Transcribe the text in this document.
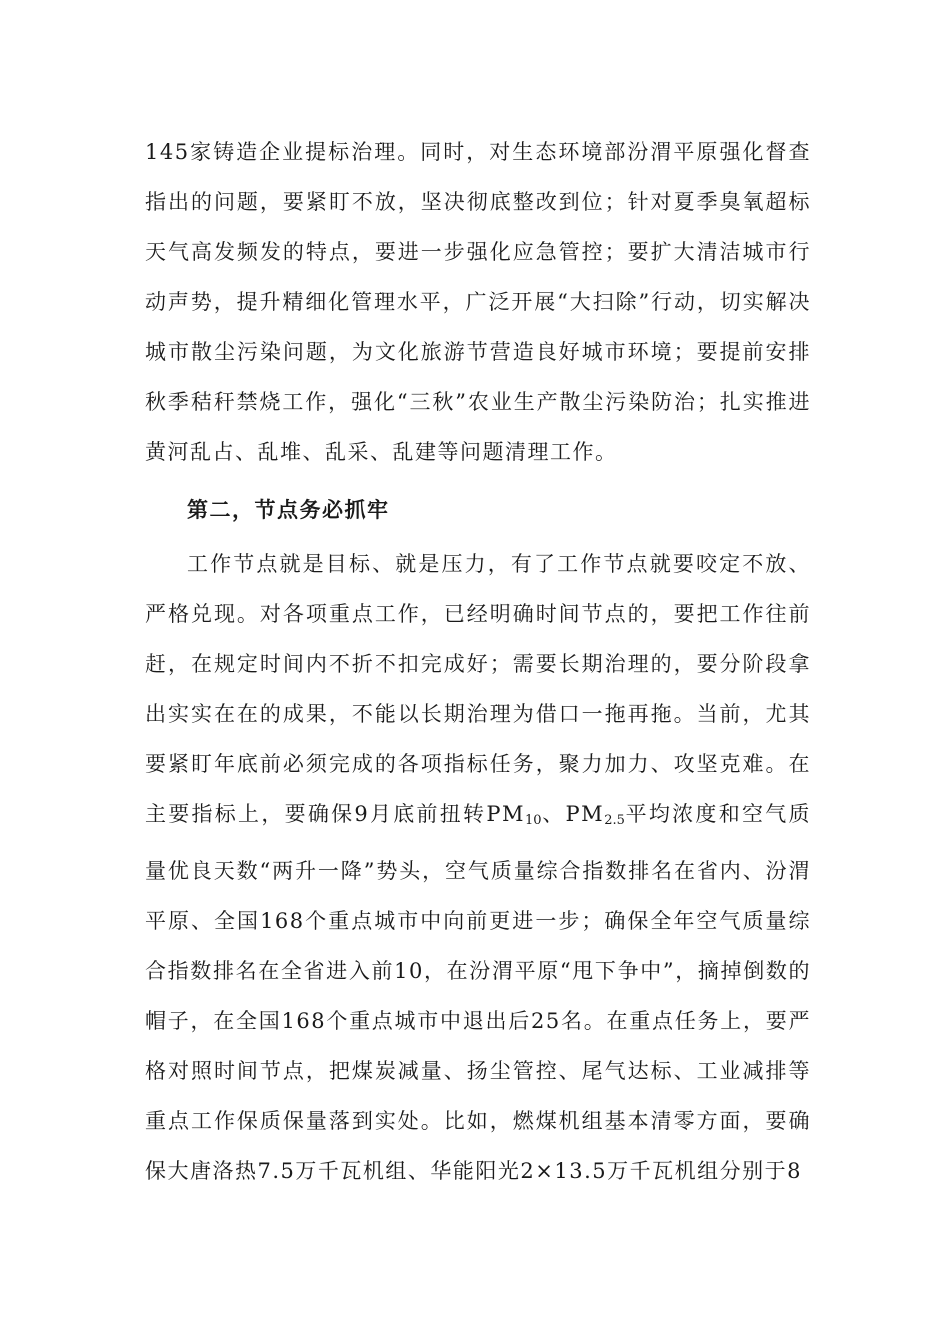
145家铸造企业提标治理。同时，对生态环境部汾渭平原强化督查指出的问题，要紧盯不放，坚决彻底整改到位；针对夏季臭氧超标天气高发频发的特点，要进一步强化应急管控；要扩大清洁城市行动声势，提升精细化管理水平，广泛开展“大扫除”行动，切实解决城市散尘污染问题，为文化旅游节营造良好城市环境；要提前安排秋季秸秆禁烧工作，强化“三秋”农业生产散尘污染防治；扎实推进黄河乱占、乱堆、乱采、乱建等问题清理工作。

第二，节点务必抓牢

工作节点就是目标、就是压力，有了工作节点就要咬定不放、严格兑现。对各项重点工作，已经明确时间节点的，要把工作往前赶，在规定时间内不折不扣完成好；需要长期治理的，要分阶段拿出实实在在的成果，不能以长期治理为借口一拖再拖。当前，尤其要紧盯年底前必须完成的各项指标任务，聚力加力、攻坚克难。在主要指标上，要确保9月底前扭转$PM_{10}$、$PM_{2.5}$平均浓度和空气质量优良天数“两升一降”势头，空气质量综合指数排名在省内、汾渭平原、全国168个重点城市中向前更进一步；确保全年空气质量综合指数排名在全省进入前10，在汾渭平原“甩下争中”，摘掉倒数的帽子，在全国168个重点城市中退出后25名。在重点任务上，要严格对照时间节点，把煤炭减量、扬尘管控、尾气达标、工业减排等重点工作保质保量落到实处。比如，燃煤机组基本清零方面，要确保大唐洛热7.5万千瓦机组、华能阳光2×13.5万千瓦机组分别于8
